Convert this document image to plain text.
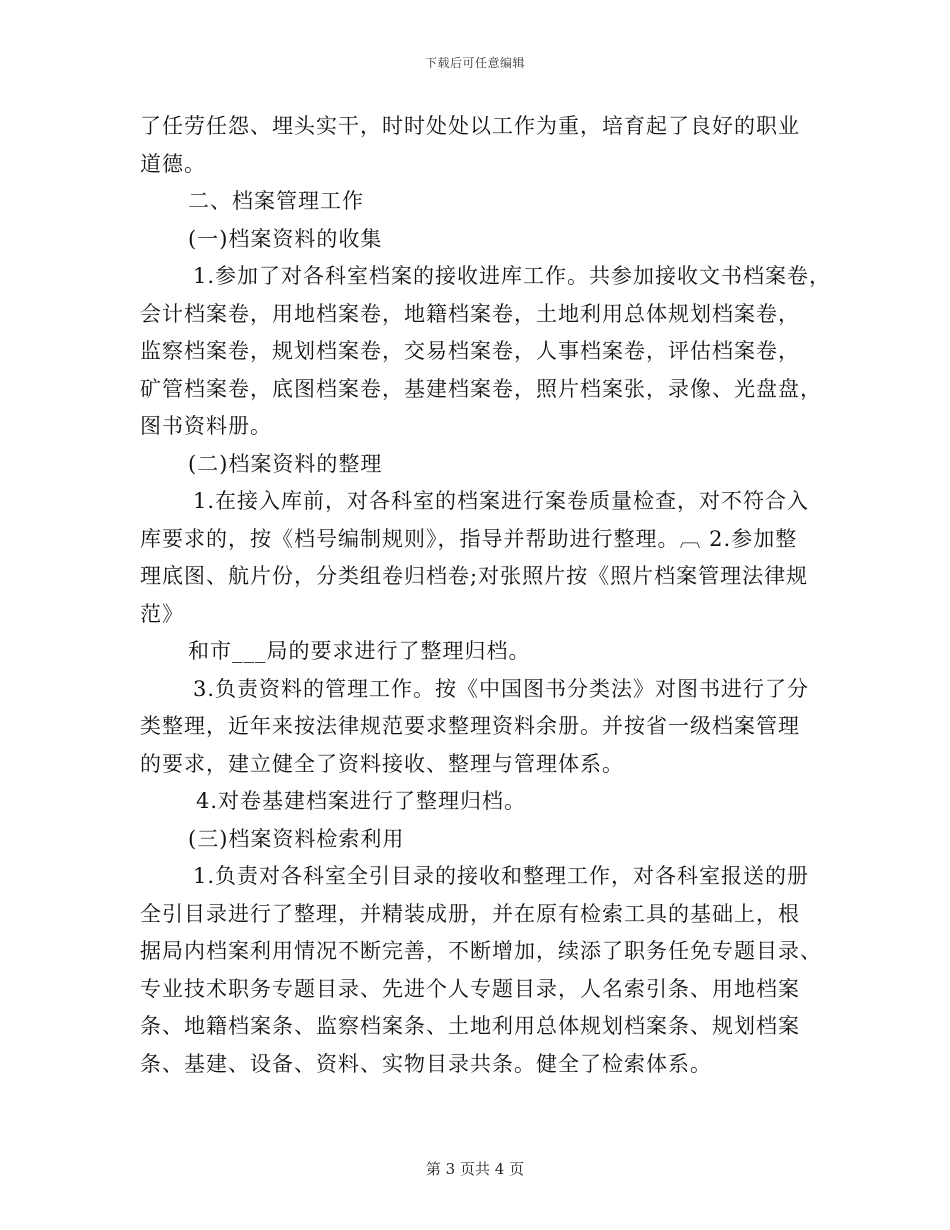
下载后可任意编辑

了任劳任怨、埋头实干，时时处处以工作为重，培育起了良好的职业

道德。

二、档案管理工作

(一)档案资料的收集

1.参加了对各科室档案的接收进库工作。共参加接收文书档案卷，

会计档案卷，用地档案卷，地籍档案卷，土地利用总体规划档案卷，

监察档案卷，规划档案卷，交易档案卷，人事档案卷，评估档案卷，

矿管档案卷，底图档案卷，基建档案卷，照片档案张，录像、光盘盘，

图书资料册。

(二)档案资料的整理

1.在接入库前，对各科室的档案进行案卷质量检查，对不符合入

库要求的，按《档号编制规则》，指导并帮助进行整理。︹ 2.参加整

理底图、航片份，分类组卷归档卷;对张照片按《照片档案管理法律规

范》

和市___局的要求进行了整理归档。

3.负责资料的管理工作。按《中国图书分类法》对图书进行了分

类整理，近年来按法律规范要求整理资料余册。并按省一级档案管理

的要求，建立健全了资料接收、整理与管理体系。

4.对卷基建档案进行了整理归档。

(三)档案资料检索利用

1.负责对各科室全引目录的接收和整理工作，对各科室报送的册

全引目录进行了整理，并精装成册，并在原有检索工具的基础上，根

据局内档案利用情况不断完善，不断增加，续添了职务任免专题目录、

专业技术职务专题目录、先进个人专题目录，人名索引条、用地档案

条、地籍档案条、监察档案条、土地利用总体规划档案条、规划档案

条、基建、设备、资料、实物目录共条。健全了检索体系。

第 3 页共 4 页
